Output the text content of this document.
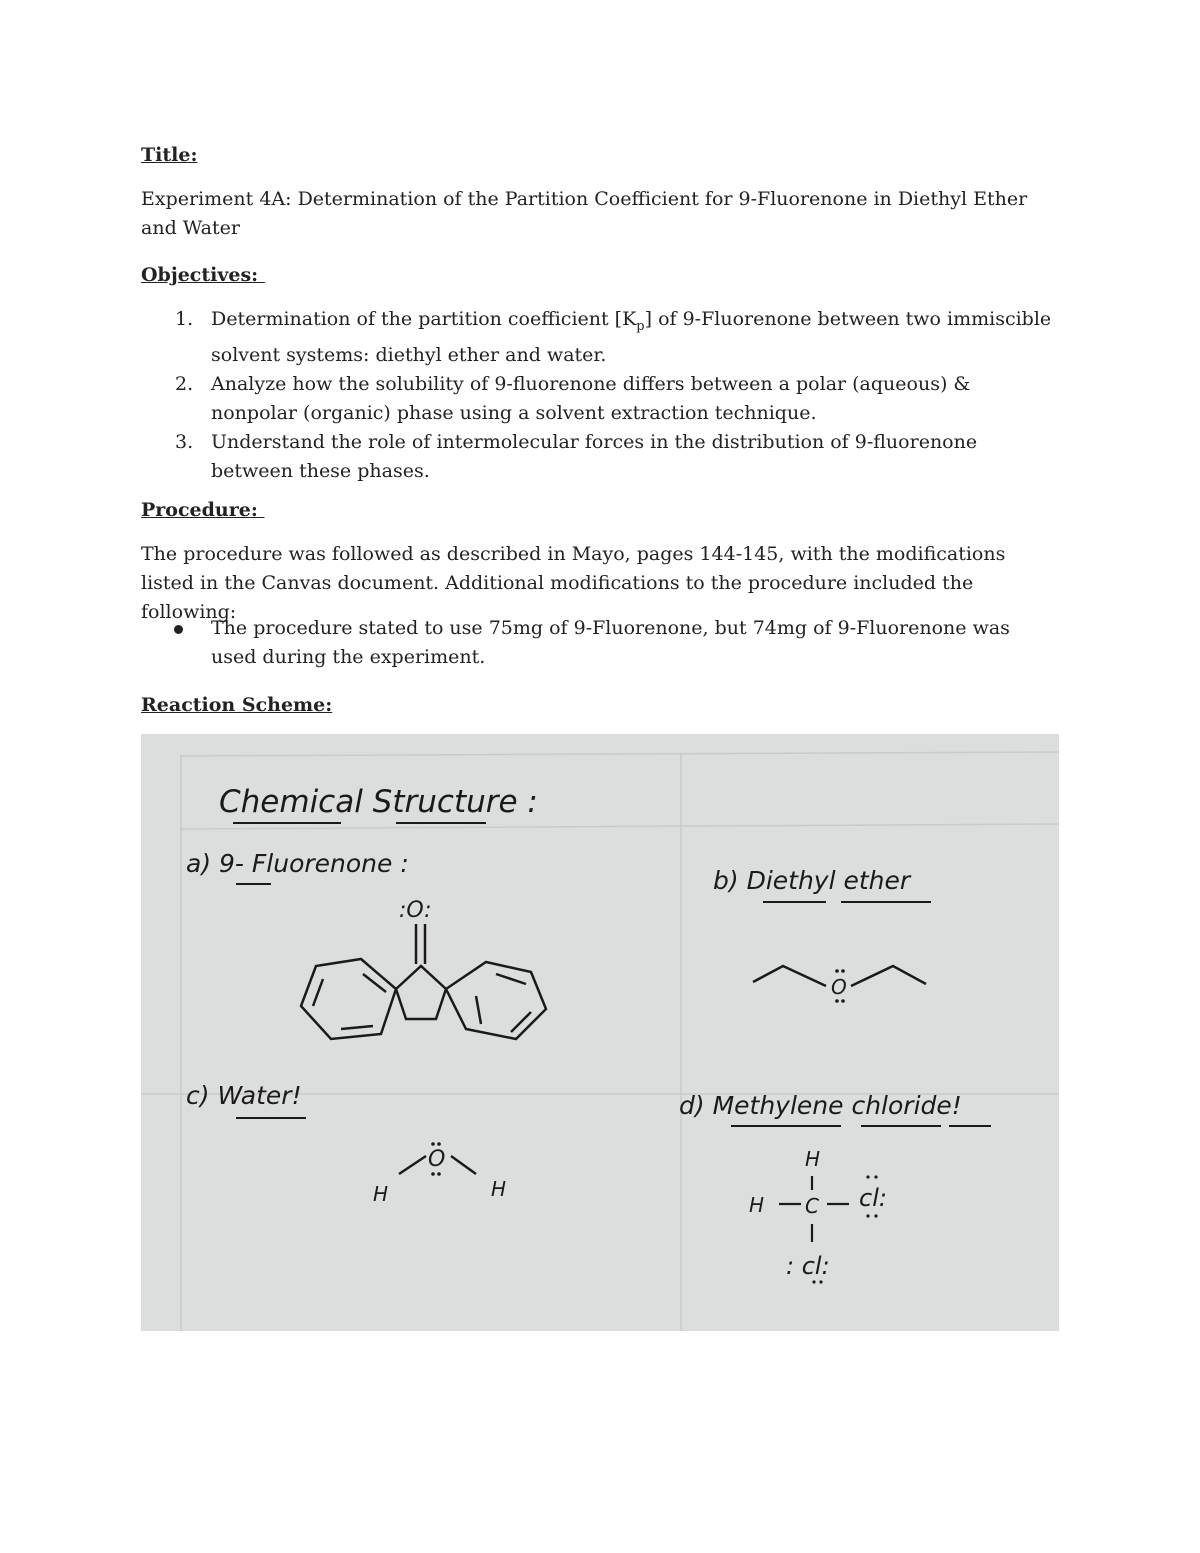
Title:

Experiment 4A: Determination of the Partition Coefficient for 9-Fluorenone in Diethyl Ether and Water

Objectives:

1. Determination of the partition coefficient $[K_p]$ of 9-Fluorenone between two immiscible solvent systems: diethyl ether and water.
2. Analyze how the solubility of 9-fluorenone differs between a polar (aqueous) & nonpolar (organic) phase using a solvent extraction technique.
3. Understand the role of intermolecular forces in the distribution of 9-fluorenone between these phases.

Procedure:

The procedure was followed as described in Mayo, pages 144-145, with the modifications listed in the Canvas document. Additional modifications to the procedure included the following:

The procedure stated to use 75mg of 9-Fluorenone, but 74mg of 9-Fluorenone was used during the experiment.

Reaction Scheme:

Chemical Structure :
a) 9- Fluorenone :
:O:
b) Diethyl ether
O
c) Water!
O
H	H
d) Methylene chloride!
H
H C cl:
: cl:
